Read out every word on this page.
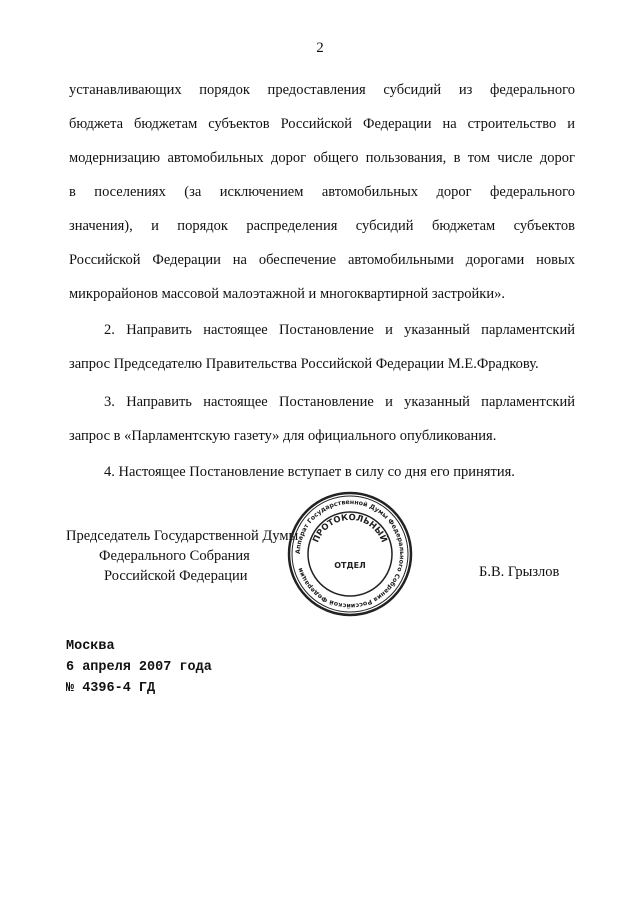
2
устанавливающих порядок предоставления субсидий из федерального
бюджета бюджетам субъектов Российской Федерации на строительство и
модернизацию автомобильных дорог общего пользования, в том числе дорог
в поселениях (за исключением автомобильных дорог федерального
значения), и порядок распределения субсидий бюджетам субъектов
Российской Федерации на обеспечение автомобильными дорогами новых
микрорайонов массовой малоэтажной и многоквартирной застройки».
2. Направить настоящее Постановление и указанный парламентский
запрос Председателю Правительства Российской Федерации М.Е.Фрадкову.
3. Направить настоящее Постановление и указанный парламентский
запрос в «Парламентскую газету» для официального опубликования.
4. Настоящее Постановление вступает в силу со дня его принятия.
Председатель Государственной Думы
Федерального Собрания
Российской Федерации
Аппарат Государственной Думы Федерального Собрания Российской Федерации
ПРОТОКОЛЬНЫЙ
ОТДЕЛ	Б.В. Грызлов
Москва
6 апреля 2007 года
№ 4396-4 ГД
